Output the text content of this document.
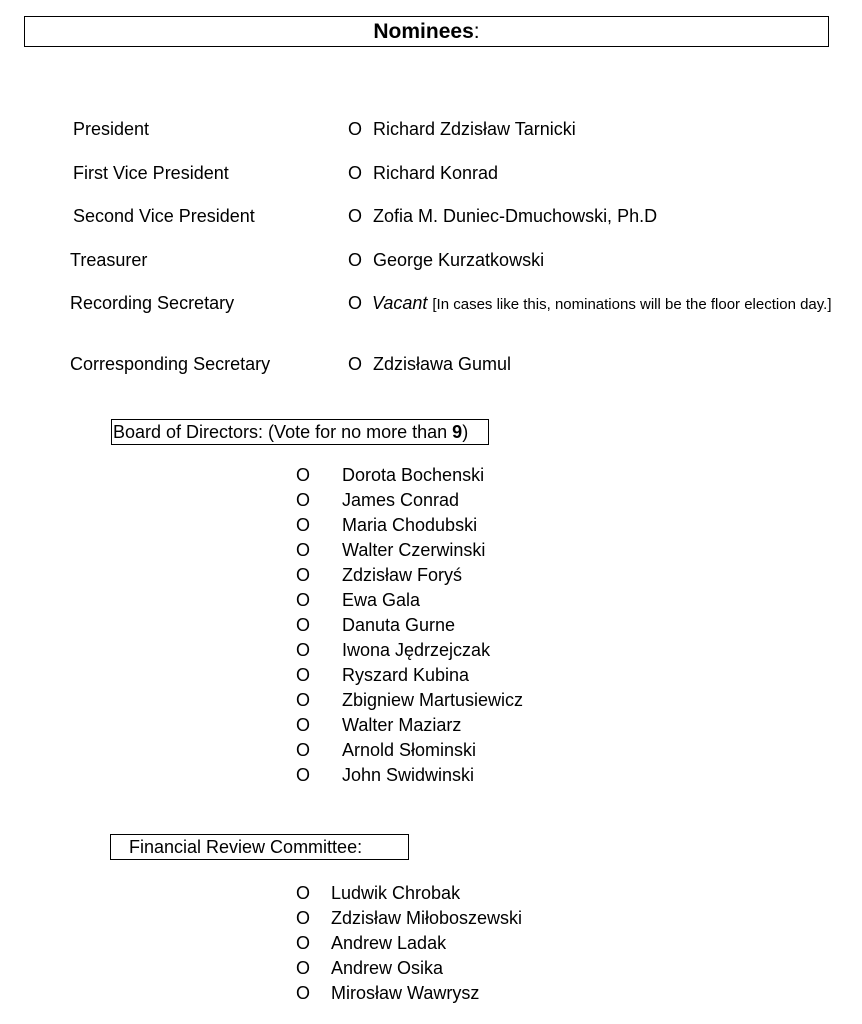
Nominees:
President	O Richard Zdzisław Tarnicki
First Vice President	O Richard Konrad
Second Vice President	O Zofia M. Duniec-Dmuchowski, Ph.D
Treasurer	O George Kurzatkowski
Recording Secretary	O Vacant [In cases like this, nominations will be the floor election day.]
Corresponding Secretary	O Zdzisława Gumul
Board of Directors: (Vote for no more than 9)
O Dorota Bochenski
O James Conrad
O Maria Chodubski
O Walter Czerwinski
O Zdzisław Foryś
O Ewa Gala
O Danuta Gurne
O Iwona Jędrzejczak
O Ryszard Kubina
O Zbigniew Martusiewicz
O Walter Maziarz
O Arnold Słominski
O John Swidwinski
Financial Review Committee:
O Ludwik Chrobak
O Zdzisław Miłoboszewski
O Andrew Ladak
O Andrew Osika
O Mirosław Wawrysz
